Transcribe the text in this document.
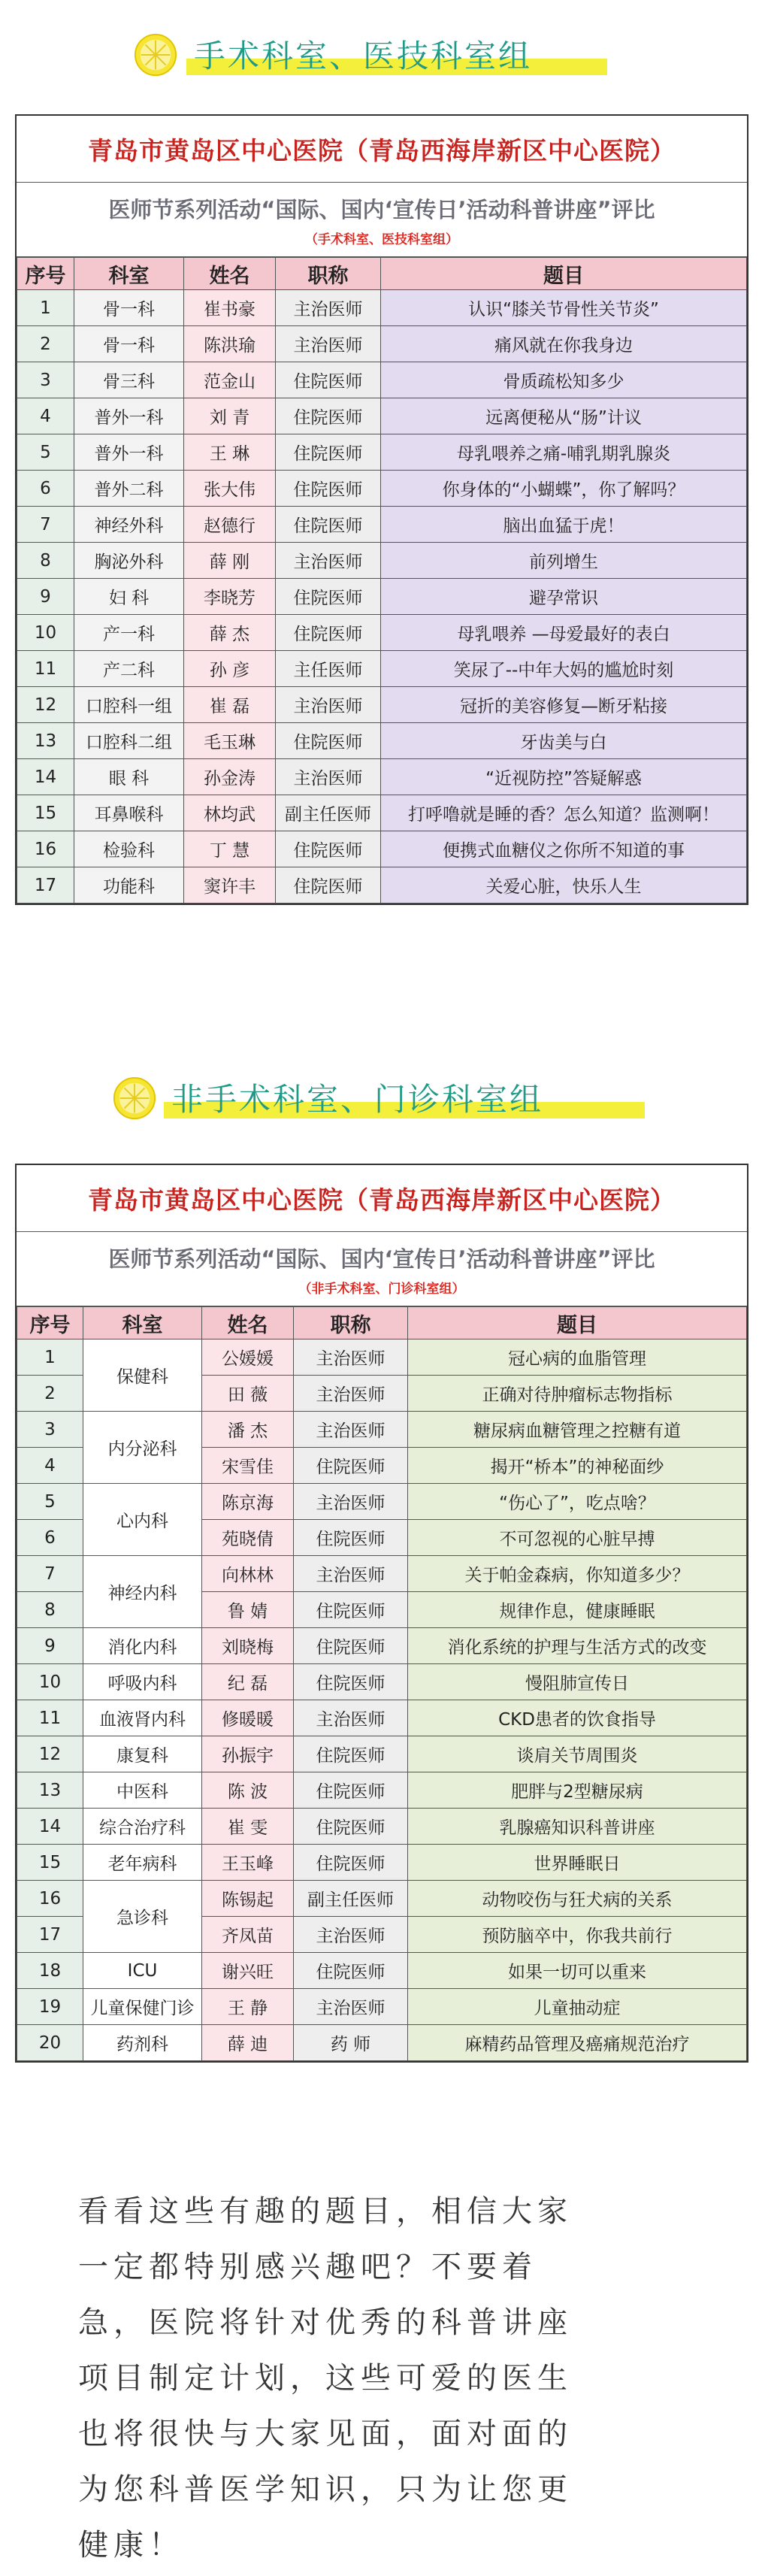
手术科室、医技科室组
青岛市黄岛区中心医院（青岛西海岸新区中心医院）
医师节系列活动“国际、国内‘宣传日’活动科普讲座”评比
（手术科室、医技科室组）
序号	科室	姓名	职称	题目
1	骨一科	崔书豪	主治医师	认识“膝关节骨性关节炎”
2	骨一科	陈洪瑜	主治医师	痛风就在你我身边
3	骨三科	范金山	住院医师	骨质疏松知多少
4	普外一科	刘 青	住院医师	远离便秘从“肠”计议
5	普外一科	王 琳	住院医师	母乳喂养之痛-哺乳期乳腺炎
6	普外二科	张大伟	住院医师	你身体的“小蝴蝶”，你了解吗？
7	神经外科	赵德行	住院医师	脑出血猛于虎！
8	胸泌外科	薛 刚	主治医师	前列增生
9	妇 科	李晓芳	住院医师	避孕常识
10	产一科	薛 杰	住院医师	母乳喂养 —母爱最好的表白
11	产二科	孙 彦	主任医师	笑尿了--中年大妈的尴尬时刻
12	口腔科一组	崔 磊	主治医师	冠折的美容修复—断牙粘接
13	口腔科二组	毛玉琳	住院医师	牙齿美与白
14	眼 科	孙金涛	主治医师	“近视防控”答疑解惑
15	耳鼻喉科	林均武	副主任医师	打呼噜就是睡的香？怎么知道？监测啊！
16	检验科	丁 慧	住院医师	便携式血糖仪之你所不知道的事
17	功能科	窦许丰	住院医师	关爱心脏，快乐人生
非手术科室、门诊科室组
青岛市黄岛区中心医院（青岛西海岸新区中心医院）
医师节系列活动“国际、国内‘宣传日’活动科普讲座”评比
（非手术科室、门诊科室组）
序号	科室	姓名	职称	题目
1	保健科	公媛媛	主治医师	冠心病的血脂管理
2		田 薇	主治医师	正确对待肿瘤标志物指标
3	内分泌科	潘 杰	主治医师	糖尿病血糖管理之控糖有道
4		宋雪佳	住院医师	揭开“桥本”的神秘面纱
5	心内科	陈京海	主治医师	“伤心了”，吃点啥？
6		苑晓倩	住院医师	不可忽视的心脏早搏
7	神经内科	向林林	主治医师	关于帕金森病，你知道多少？
8		鲁 婧	住院医师	规律作息，健康睡眠
9	消化内科	刘晓梅	住院医师	消化系统的护理与生活方式的改变
10	呼吸内科	纪 磊	住院医师	慢阻肺宣传日
11	血液肾内科	修暖暖	主治医师	CKD患者的饮食指导
12	康复科	孙振宇	住院医师	谈肩关节周围炎
13	中医科	陈 波	住院医师	肥胖与2型糖尿病
14	综合治疗科	崔 雯	住院医师	乳腺癌知识科普讲座
15	老年病科	王玉峰	住院医师	世界睡眠日
16	急诊科	陈锡起	副主任医师	动物咬伤与狂犬病的关系
17		齐凤苗	主治医师	预防脑卒中，你我共前行
18	ICU	谢兴旺	住院医师	如果一切可以重来
19	儿童保健门诊	王 静	主治医师	儿童抽动症
20	药剂科	薛 迪	药 师	麻精药品管理及癌痛规范治疗
看看这些有趣的题目，相信大家
一定都特别感兴趣吧？不要着
急，医院将针对优秀的科普讲座
项目制定计划，这些可爱的医生
也将很快与大家见面，面对面的
为您科普医学知识，只为让您更
健康！
